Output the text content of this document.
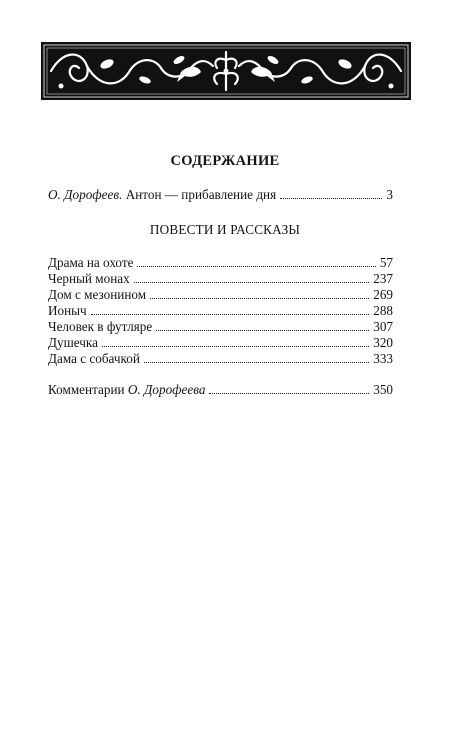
СОДЕРЖАНИЕ
О. Дорофеев. Антон — прибавление дня	3
ПОВЕСТИ И РАССКАЗЫ
Драма на охоте	57
Черный монах	237
Дом с мезонином	269
Ионыч	288
Человек в футляре	307
Душечка	320
Дама с собачкой	333
Комментарии О. Дорофеева	350
